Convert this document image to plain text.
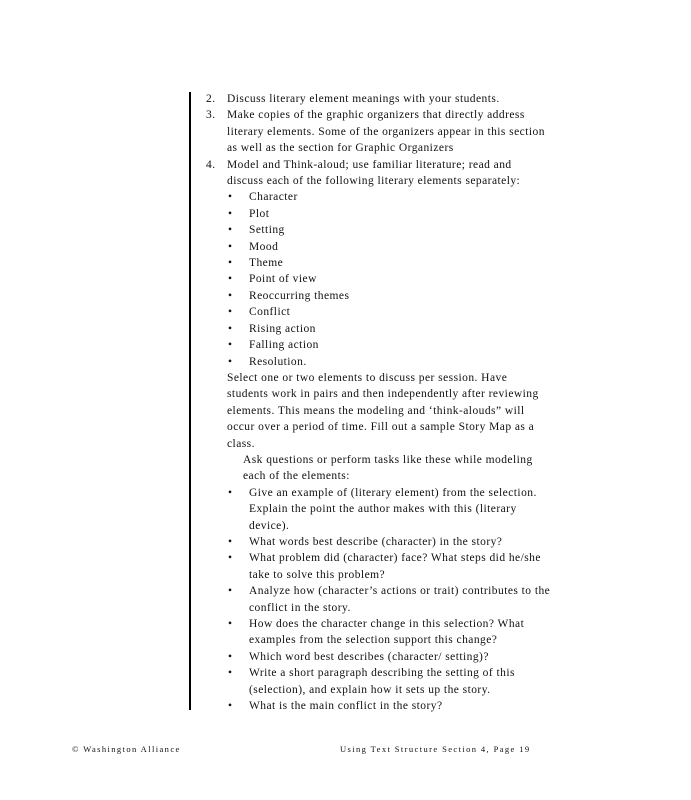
2. Discuss literary element meanings with your students.
3. Make copies of the graphic organizers that directly address literary elements. Some of the organizers appear in this section as well as the section for Graphic Organizers
4. Model and Think-aloud; use familiar literature; read and discuss each of the following literary elements separately:
•	Character
•	Plot
•	Setting
•	Mood
•	Theme
•	Point of view
•	Reoccurring themes
•	Conflict
•	Rising action
•	Falling action
•	Resolution.

Select one or two elements to discuss per session. Have students work in pairs and then independently after reviewing elements. This means the modeling and ‘think-alouds” will occur over a period of time. Fill out a sample Story Map as a class.

Ask questions or perform tasks like these while modeling each of the elements:

•	Give an example of (literary element) from the selection. Explain the point the author makes with this (literary device).
•	What words best describe (character) in the story?
•	What problem did (character) face? What steps did he/she take to solve this problem?
•	Analyze how (character’s actions or trait) contributes to the conflict in the story.
•	How does the character change in this selection? What examples from the selection support this change?
•	Which word best describes (character/ setting)?
•	Write a short paragraph describing the setting of this (selection), and explain how it sets up the story.
•	What is the main conflict in the story?
© Washington Alliance	Using Text Structure Section 4, Page 19
